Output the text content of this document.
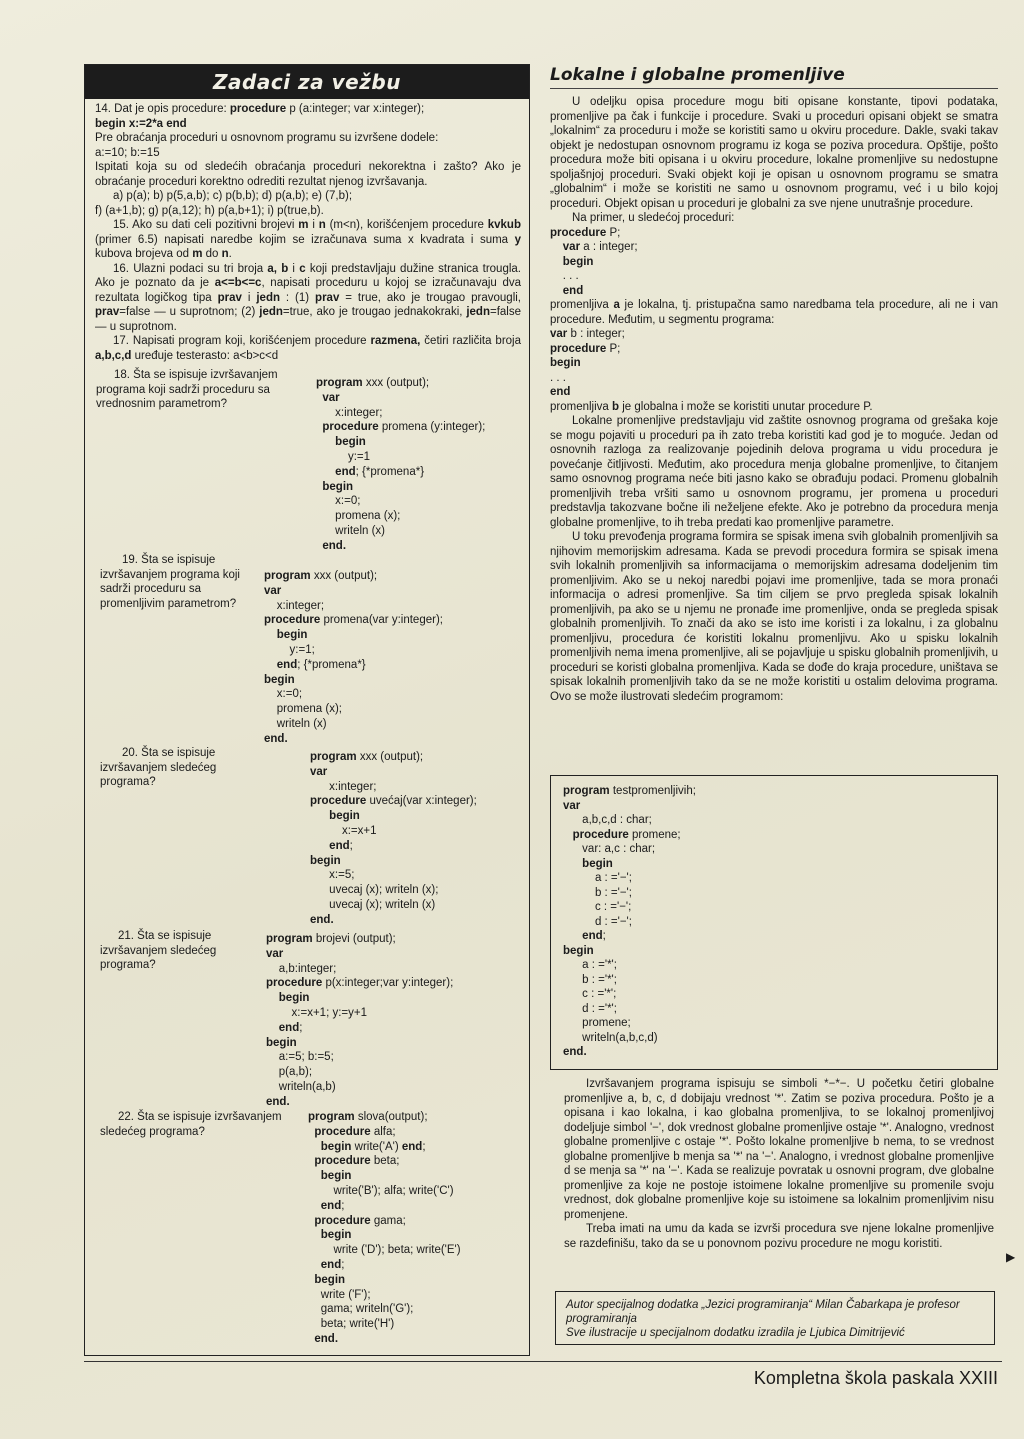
Zadaci za vežbu

14. Dat je opis procedure: procedure p (a:integer; var x:integer);

begin x:=2*a end

Pre obraćanja proceduri u osnovnom programu su izvršene dodele:

a:=10; b:=15

Ispitati koja su od sledećih obraćanja proceduri nekorektna i zašto? Ako je obraćanje proceduri korektno odrediti rezultat njenog izvršavanja.

a) p(a); b) p(5,a,b); c) p(b,b); d) p(a,b); e) (7,b);

f) (a+1,b); g) p(a,12); h) p(a,b+1); i) p(true,b).

15. Ako su dati celi pozitivni brojevi m i n (m<n), korišćenjem procedure kvkub (primer 6.5) napisati naredbe kojim se izračunava suma x kvadrata i suma y kubova brojeva od m do n.

16. Ulazni podaci su tri broja a, b i c koji predstavljaju dužine stranica trougla. Ako je poznato da je a<=b<=c, napisati proceduru u kojoj se izračunavaju dva rezultata logičkog tipa prav i jedn : (1) prav = true, ako je trougao pravougli, prav=false — u suprotnom; (2) jedn=true, ako je trougao jednakokraki, jedn=false — u suprotnom.

17. Napisati program koji, korišćenjem procedure razmena, četiri različita broja a,b,c,d uređuje testerasto: a<b>c<d

18. Šta se ispisuje izvršavanjem programa koji sadrži proceduru sa vrednosnim parametrom?

program xxx (output);
var
x:integer;
procedure promena (y:integer);
begin
y:=1
end; {*promena*}
begin
x:=0;
promena (x);
writeln (x)
end.

19. Šta se ispisuje izvršavanjem programa koji sadrži proceduru sa promenljivim parametrom?

program xxx (output);
var
x:integer;
procedure promena(var y:integer);
begin
y:=1;
end; {*promena*}
begin
x:=0;
promena (x);
writeln (x)
end.

20. Šta se ispisuje izvršavanjem sledećeg programa?

program xxx (output);
var
x:integer;
procedure uvećaj(var x:integer);
begin
x:=x+1
end;
begin
x:=5;
uvecaj (x); writeln (x);
uvecaj (x); writeln (x)
end.

21. Šta se ispisuje izvršavanjem sledećeg programa?

program brojevi (output);
var
a,b:integer;
procedure p(x:integer;var y:integer);
begin
x:=x+1; y:=y+1
end;
begin
a:=5; b:=5;
p(a,b);
writeln(a,b)
end.

22. Šta se ispisuje izvršavanjem sledećeg programa?

program slova(output);
procedure alfa;
begin write('A') end;
procedure beta;
begin
write('B'); alfa; write('C')
end;
procedure gama;
begin
write ('D'); beta; write('E')
end;
begin
write ('F');
gama; writeln('G');
beta; write('H')
end.
Lokalne i globalne promenljive

U odeljku opisa procedure mogu biti opisane konstante, tipovi podataka, promenljive pa čak i funkcije i procedure. Svaki u proceduri opisani objekt se smatra „lokalnim“ za proceduru i može se koristiti samo u okviru procedure. Dakle, svaki takav objekt je nedostupan osnovnom programu iz koga se poziva procedura. Opštije, pošto procedura može biti opisana i u okviru procedure, lokalne promenljive su nedostupne spoljašnjoj proceduri. Svaki objekt koji je opisan u osnovnom programu se smatra „globalnim“ i može se koristiti ne samo u osnovnom programu, već i u bilo kojoj proceduri. Objekt opisan u proceduri je globalni za sve njene unutrašnje procedure.

Na primer, u sledećoj proceduri:

procedure P;
var a : integer;
begin
. . .
end

promenljiva a je lokalna, tj. pristupačna samo naredbama tela procedure, ali ne i van procedure. Međutim, u segmentu programa:

var b : integer;
procedure P;
begin
. . .
end

promenljiva b je globalna i može se koristiti unutar procedure P.

Lokalne promenljive predstavljaju vid zaštite osnovnog programa od grešaka koje se mogu pojaviti u proceduri pa ih zato treba koristiti kad god je to moguće. Jedan od osnovnih razloga za realizovanje pojedinih delova programa u vidu procedura je povećanje čitljivosti. Međutim, ako procedura menja globalne promenljive, to čitanjem samo osnovnog programa neće biti jasno kako se obrađuju podaci. Promenu globalnih promenljivih treba vršiti samo u osnovnom programu, jer promena u proceduri predstavlja takozvane bočne ili neželjene efekte. Ako je potrebno da procedura menja globalne promenljive, to ih treba predati kao promenljive parametre.

U toku prevođenja programa formira se spisak imena svih globalnih promenljivih sa njihovim memorijskim adresama. Kada se prevodi procedura formira se spisak imena svih lokalnih promenljivih sa informacijama o memorijskim adresama dodeljenim tim promenljivim. Ako se u nekoj naredbi pojavi ime promenljive, tada se mora pronaći informacija o adresi promenljive. Sa tim ciljem se prvo pregleda spisak lokalnih promenljivih, pa ako se u njemu ne pronađe ime promenljive, onda se pregleda spisak globalnih promenljivih. To znači da ako se isto ime koristi i za lokalnu, i za globalnu promenljivu, procedura će koristiti lokalnu promenljivu. Ako u spisku lokalnih promenljivih nema imena promenljive, ali se pojavljuje u spisku globalnih promenljivih, u proceduri se koristi globalna promenljiva. Kada se dođe do kraja procedure, uništava se spisak lokalnih promenljivih tako da se ne može koristiti u ostalim delovima programa. Ovo se može ilustrovati sledećim programom:

program testpromenljivih;
var
a,b,c,d : char;
procedure promene;
var: a,c : char;
begin
a : ='−';
b : ='−';
c : ='−';
d : ='−';
end;
begin
a : ='*';
b : ='*';
c : ='*';
d : ='*';
promene;
writeln(a,b,c,d)
end.

Izvršavanjem programa ispisuju se simboli *−*−. U početku četiri globalne promenljive a, b, c, d dobijaju vrednost '*'. Zatim se poziva procedura. Pošto je a opisana i kao lokalna, i kao globalna promenljiva, to se lokalnoj promenljivoj dodeljuje simbol '−', dok vrednost globalne promenljive ostaje '*'. Analogno, vrednost globalne promenljive c ostaje '*'. Pošto lokalne promenljive b nema, to se vrednost globalne promenljive b menja sa '*' na '−'. Analogno, i vrednost globalne promenljive d se menja sa '*' na '−'. Kada se realizuje povratak u osnovni program, dve globalne promenljive za koje ne postoje istoimene lokalne promenljive su promenile svoju vrednost, dok globalne promenljive koje su istoimene sa lokalnim promenljivim nisu promenjene.

Treba imati na umu da kada se izvrši procedura sve njene lokalne promenljive se razdefinišu, tako da se u ponovnom pozivu procedure ne mogu koristiti.

▶
Autor specijalnog dodatka „Jezici programiranja“ Milan Čabarkapa je profesor programiranja
Sve ilustracije u specijalnom dodatku izradila je Ljubica Dimitrijević
Kompletna škola paskala XXIII
